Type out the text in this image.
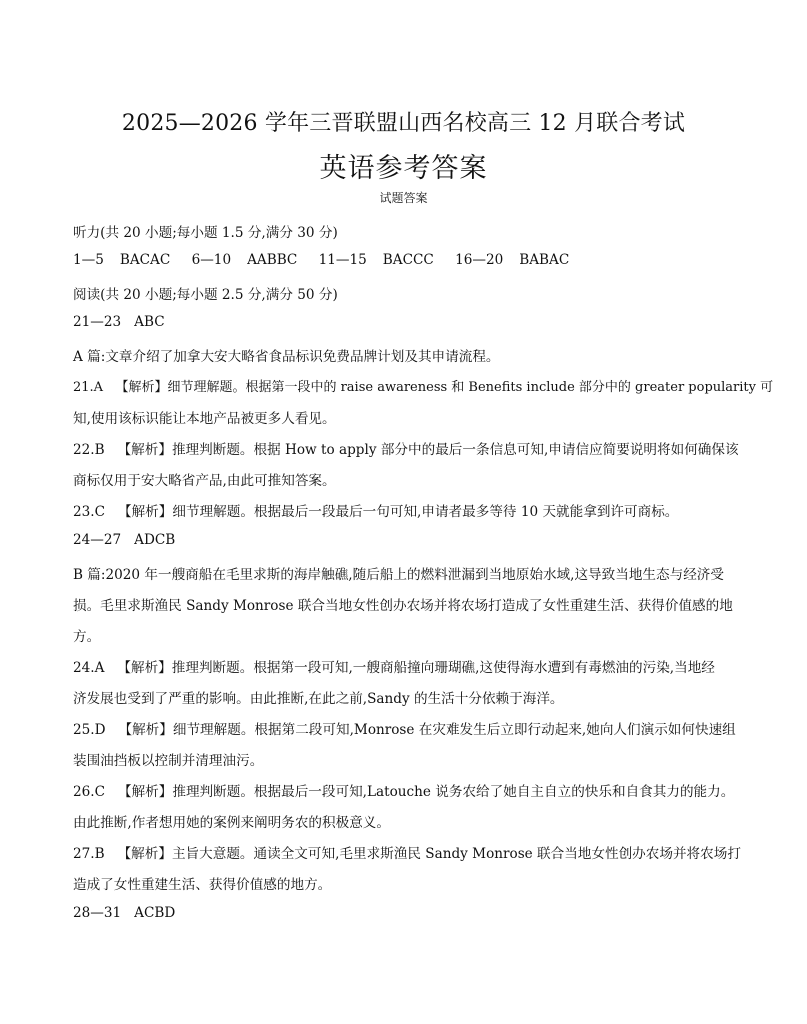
2025—2026 学年三晋联盟山西名校高三 12 月联合考试
英语参考答案
试题答案
听力(共 20 小题;每小题 1.5 分,满分 30 分)
1—5   BACAC    6—10   AABBC    11—15   BACCC    16—20   BABAC
阅读(共 20 小题;每小题 2.5 分,满分 50 分)
21—23   ABC
A 篇:文章介绍了加拿大安大略省食品标识免费品牌计划及其申请流程。
21.A   【解析】细节理解题。根据第一段中的 raise awareness 和 Benefits include 部分中的 greater popularity 可
知,使用该标识能让本地产品被更多人看见。
22.B   【解析】推理判断题。根据 How to apply 部分中的最后一条信息可知,申请信应简要说明将如何确保该
商标仅用于安大略省产品,由此可推知答案。
23.C   【解析】细节理解题。根据最后一段最后一句可知,申请者最多等待 10 天就能拿到许可商标。
24—27   ADCB
B 篇:2020 年一艘商船在毛里求斯的海岸触礁,随后船上的燃料泄漏到当地原始水域,这导致当地生态与经济受
损。毛里求斯渔民 Sandy Monrose 联合当地女性创办农场并将农场打造成了女性重建生活、获得价值感的地
方。
24.A   【解析】推理判断题。根据第一段可知,一艘商船撞向珊瑚礁,这使得海水遭到有毒燃油的污染,当地经
济发展也受到了严重的影响。由此推断,在此之前,Sandy 的生活十分依赖于海洋。
25.D   【解析】细节理解题。根据第二段可知,Monrose 在灾难发生后立即行动起来,她向人们演示如何快速组
装围油挡板以控制并清理油污。
26.C   【解析】推理判断题。根据最后一段可知,Latouche 说务农给了她自主自立的快乐和自食其力的能力。
由此推断,作者想用她的案例来阐明务农的积极意义。
27.B   【解析】主旨大意题。通读全文可知,毛里求斯渔民 Sandy Monrose 联合当地女性创办农场并将农场打
造成了女性重建生活、获得价值感的地方。
28—31   ACBD
